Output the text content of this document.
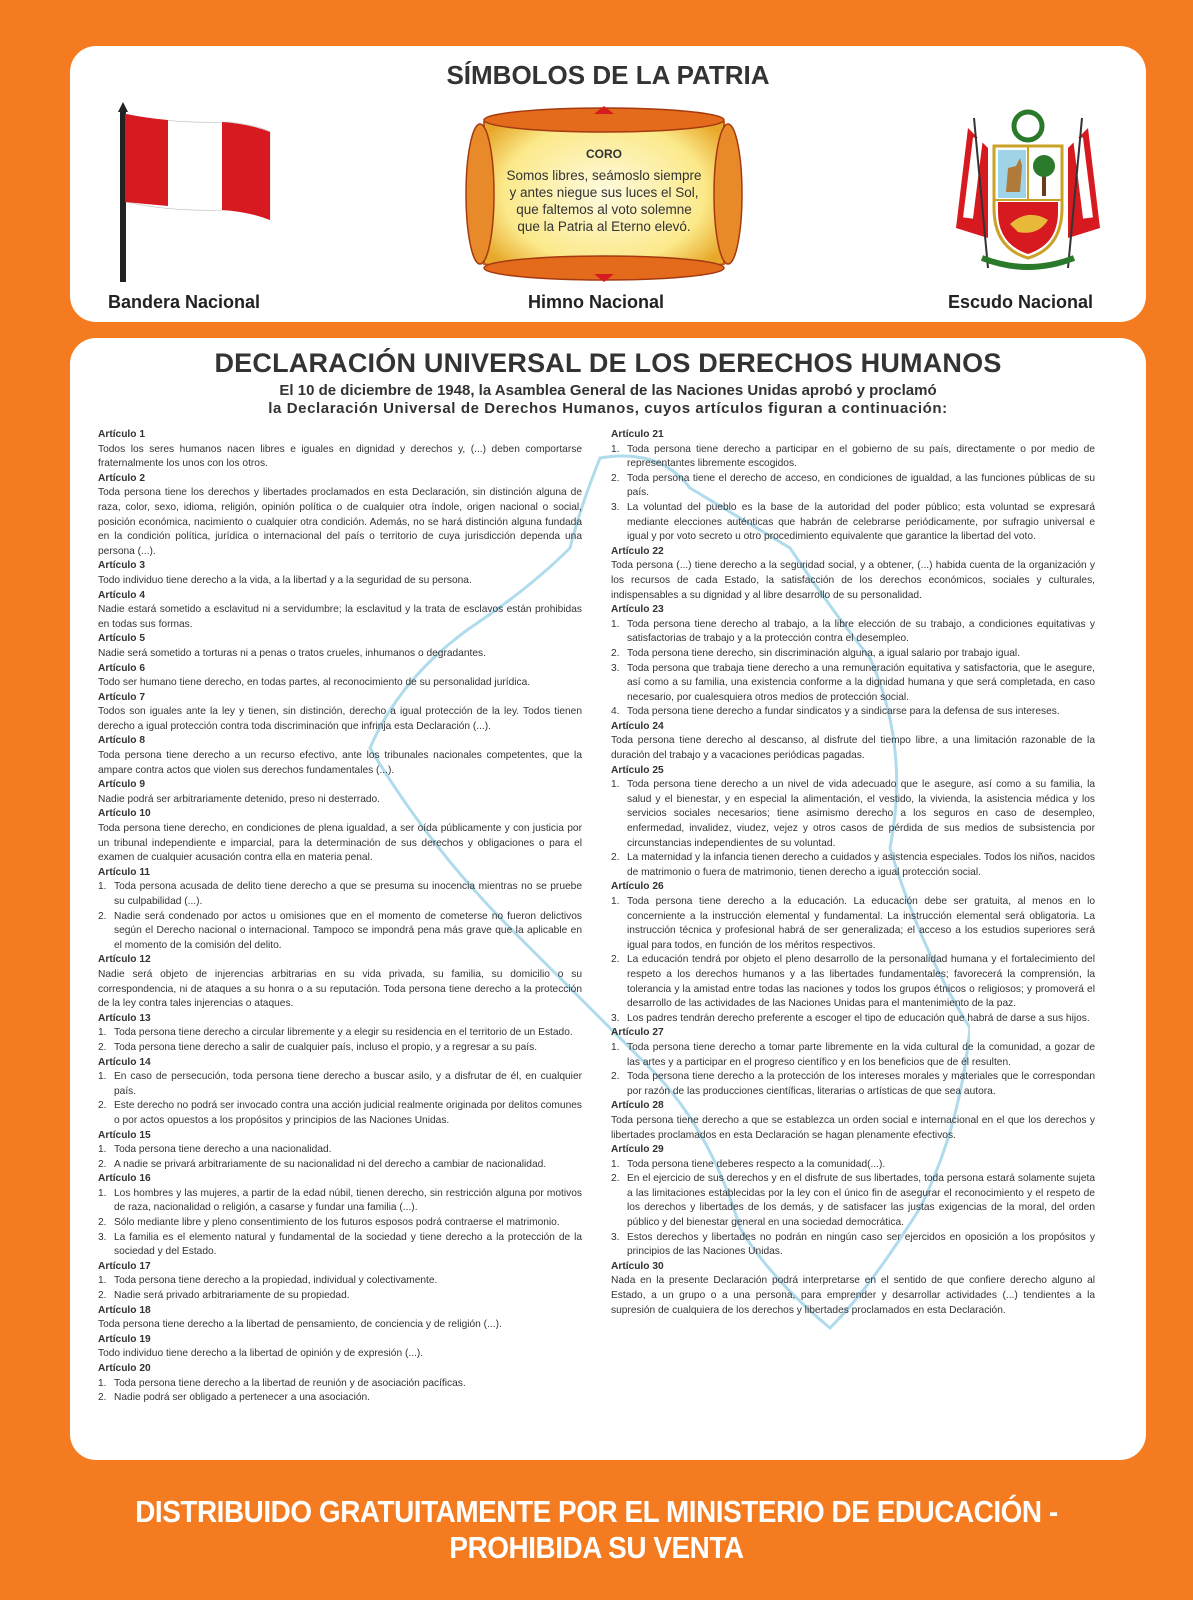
SÍMBOLOS DE LA PATRIA
CORO
Somos libres, seámoslo siempre
y antes niegue sus luces el Sol,
que faltemos al voto solemne
que la Patria al Eterno elevó.
Bandera Nacional	Himno Nacional	Escudo Nacional
DECLARACIÓN UNIVERSAL DE LOS DERECHOS HUMANOS
El 10 de diciembre de 1948, la Asamblea General de las Naciones Unidas aprobó y proclamó
la Declaración Universal de Derechos Humanos, cuyos artículos figuran a continuación:
Artículo 1
Todos los seres humanos nacen libres e iguales en dignidad y derechos y, (...) deben comportarse fraternalmente los unos con los otros.
Artículo 2
Toda persona tiene los derechos y libertades proclamados en esta Declaración, sin distinción alguna de raza, color, sexo, idioma, religión, opinión política o de cualquier otra índole, origen nacional o social, posición económica, nacimiento o cualquier otra condición. Además, no se hará distinción alguna fundada en la condición política, jurídica o internacional del país o territorio de cuya jurisdicción dependa una persona (...).
Artículo 3
Todo individuo tiene derecho a la vida, a la libertad y a la seguridad de su persona.
Artículo 4
Nadie estará sometido a esclavitud ni a servidumbre; la esclavitud y la trata de esclavos están prohibidas en todas sus formas.
Artículo 5
Nadie será sometido a torturas ni a penas o tratos crueles, inhumanos o degradantes.
Artículo 6
Todo ser humano tiene derecho, en todas partes, al reconocimiento de su personalidad jurídica.
Artículo 7
Todos son iguales ante la ley y tienen, sin distinción, derecho a igual protección de la ley. Todos tienen derecho a igual protección contra toda discriminación que infrinja esta Declaración (...).
Artículo 8
Toda persona tiene derecho a un recurso efectivo, ante los tribunales nacionales competentes, que la ampare contra actos que violen sus derechos fundamentales (...).
Artículo 9
Nadie podrá ser arbitrariamente detenido, preso ni desterrado.
Artículo 10
Toda persona tiene derecho, en condiciones de plena igualdad, a ser oída públicamente y con justicia por un tribunal independiente e imparcial, para la determinación de sus derechos y obligaciones o para el examen de cualquier acusación contra ella en materia penal.
Artículo 11
1. Toda persona acusada de delito tiene derecho a que se presuma su inocencia mientras no se pruebe su culpabilidad (...).
2. Nadie será condenado por actos u omisiones que en el momento de cometerse no fueron delictivos según el Derecho nacional o internacional. Tampoco se impondrá pena más grave que la aplicable en el momento de la comisión del delito.
Artículo 12
Nadie será objeto de injerencias arbitrarias en su vida privada, su familia, su domicilio o su correspondencia, ni de ataques a su honra o a su reputación. Toda persona tiene derecho a la protección de la ley contra tales injerencias o ataques.
Artículo 13
1. Toda persona tiene derecho a circular libremente y a elegir su residencia en el territorio de un Estado.
2. Toda persona tiene derecho a salir de cualquier país, incluso el propio, y a regresar a su país.
Artículo 14
1. En caso de persecución, toda persona tiene derecho a buscar asilo, y a disfrutar de él, en cualquier país.
2. Este derecho no podrá ser invocado contra una acción judicial realmente originada por delitos comunes o por actos opuestos a los propósitos y principios de las Naciones Unidas.
Artículo 15
1. Toda persona tiene derecho a una nacionalidad.
2. A nadie se privará arbitrariamente de su nacionalidad ni del derecho a cambiar de nacionalidad.
Artículo 16
1. Los hombres y las mujeres, a partir de la edad núbil, tienen derecho, sin restricción alguna por motivos de raza, nacionalidad o religión, a casarse y fundar una familia (...).
2. Sólo mediante libre y pleno consentimiento de los futuros esposos podrá contraerse el matrimonio.
3. La familia es el elemento natural y fundamental de la sociedad y tiene derecho a la protección de la sociedad y del Estado.
Artículo 17
1. Toda persona tiene derecho a la propiedad, individual y colectivamente.
2. Nadie será privado arbitrariamente de su propiedad.
Artículo 18
Toda persona tiene derecho a la libertad de pensamiento, de conciencia y de religión (...).
Artículo 19
Todo individuo tiene derecho a la libertad de opinión y de expresión (...).
Artículo 20
1. Toda persona tiene derecho a la libertad de reunión y de asociación pacíficas.
2. Nadie podrá ser obligado a pertenecer a una asociación.
Artículo 21
1. Toda persona tiene derecho a participar en el gobierno de su país, directamente o por medio de representantes libremente escogidos.
2. Toda persona tiene el derecho de acceso, en condiciones de igualdad, a las funciones públicas de su país.
3. La voluntad del pueblo es la base de la autoridad del poder público; esta voluntad se expresará mediante elecciones auténticas que habrán de celebrarse periódicamente, por sufragio universal e igual y por voto secreto u otro procedimiento equivalente que garantice la libertad del voto.
Artículo 22
Toda persona (...) tiene derecho a la seguridad social, y a obtener, (...) habida cuenta de la organización y los recursos de cada Estado, la satisfacción de los derechos económicos, sociales y culturales, indispensables a su dignidad y al libre desarrollo de su personalidad.
Artículo 23
1. Toda persona tiene derecho al trabajo, a la libre elección de su trabajo, a condiciones equitativas y satisfactorias de trabajo y a la protección contra el desempleo.
2. Toda persona tiene derecho, sin discriminación alguna, a igual salario por trabajo igual.
3. Toda persona que trabaja tiene derecho a una remuneración equitativa y satisfactoria, que le asegure, así como a su familia, una existencia conforme a la dignidad humana y que será completada, en caso necesario, por cualesquiera otros medios de protección social.
4. Toda persona tiene derecho a fundar sindicatos y a sindicarse para la defensa de sus intereses.
Artículo 24
Toda persona tiene derecho al descanso, al disfrute del tiempo libre, a una limitación razonable de la duración del trabajo y a vacaciones periódicas pagadas.
Artículo 25
1. Toda persona tiene derecho a un nivel de vida adecuado que le asegure, así como a su familia, la salud y el bienestar, y en especial la alimentación, el vestido, la vivienda, la asistencia médica y los servicios sociales necesarios; tiene asimismo derecho a los seguros en caso de desempleo, enfermedad, invalidez, viudez, vejez y otros casos de pérdida de sus medios de subsistencia por circunstancias independientes de su voluntad.
2. La maternidad y la infancia tienen derecho a cuidados y asistencia especiales. Todos los niños, nacidos de matrimonio o fuera de matrimonio, tienen derecho a igual protección social.
Artículo 26
1. Toda persona tiene derecho a la educación. La educación debe ser gratuita, al menos en lo concerniente a la instrucción elemental y fundamental. La instrucción elemental será obligatoria. La instrucción técnica y profesional habrá de ser generalizada; el acceso a los estudios superiores será igual para todos, en función de los méritos respectivos.
2. La educación tendrá por objeto el pleno desarrollo de la personalidad humana y el fortalecimiento del respeto a los derechos humanos y a las libertades fundamentales; favorecerá la comprensión, la tolerancia y la amistad entre todas las naciones y todos los grupos étnicos o religiosos; y promoverá el desarrollo de las actividades de las Naciones Unidas para el mantenimiento de la paz.
3. Los padres tendrán derecho preferente a escoger el tipo de educación que habrá de darse a sus hijos.
Artículo 27
1. Toda persona tiene derecho a tomar parte libremente en la vida cultural de la comunidad, a gozar de las artes y a participar en el progreso científico y en los beneficios que de él resulten.
2. Toda persona tiene derecho a la protección de los intereses morales y materiales que le correspondan por razón de las producciones científicas, literarias o artísticas de que sea autora.
Artículo 28
Toda persona tiene derecho a que se establezca un orden social e internacional en el que los derechos y libertades proclamados en esta Declaración se hagan plenamente efectivos.
Artículo 29
1. Toda persona tiene deberes respecto a la comunidad(...).
2. En el ejercicio de sus derechos y en el disfrute de sus libertades, toda persona estará solamente sujeta a las limitaciones establecidas por la ley con el único fin de asegurar el reconocimiento y el respeto de los derechos y libertades de los demás, y de satisfacer las justas exigencias de la moral, del orden público y del bienestar general en una sociedad democrática.
3. Estos derechos y libertades no podrán en ningún caso ser ejercidos en oposición a los propósitos y principios de las Naciones Unidas.
Artículo 30
Nada en la presente Declaración podrá interpretarse en el sentido de que confiere derecho alguno al Estado, a un grupo o a una persona, para emprender y desarrollar actividades (...) tendientes a la supresión de cualquiera de los derechos y libertades proclamados en esta Declaración.
DISTRIBUIDO GRATUITAMENTE POR EL MINISTERIO DE EDUCACIÓN - PROHIBIDA SU VENTA
